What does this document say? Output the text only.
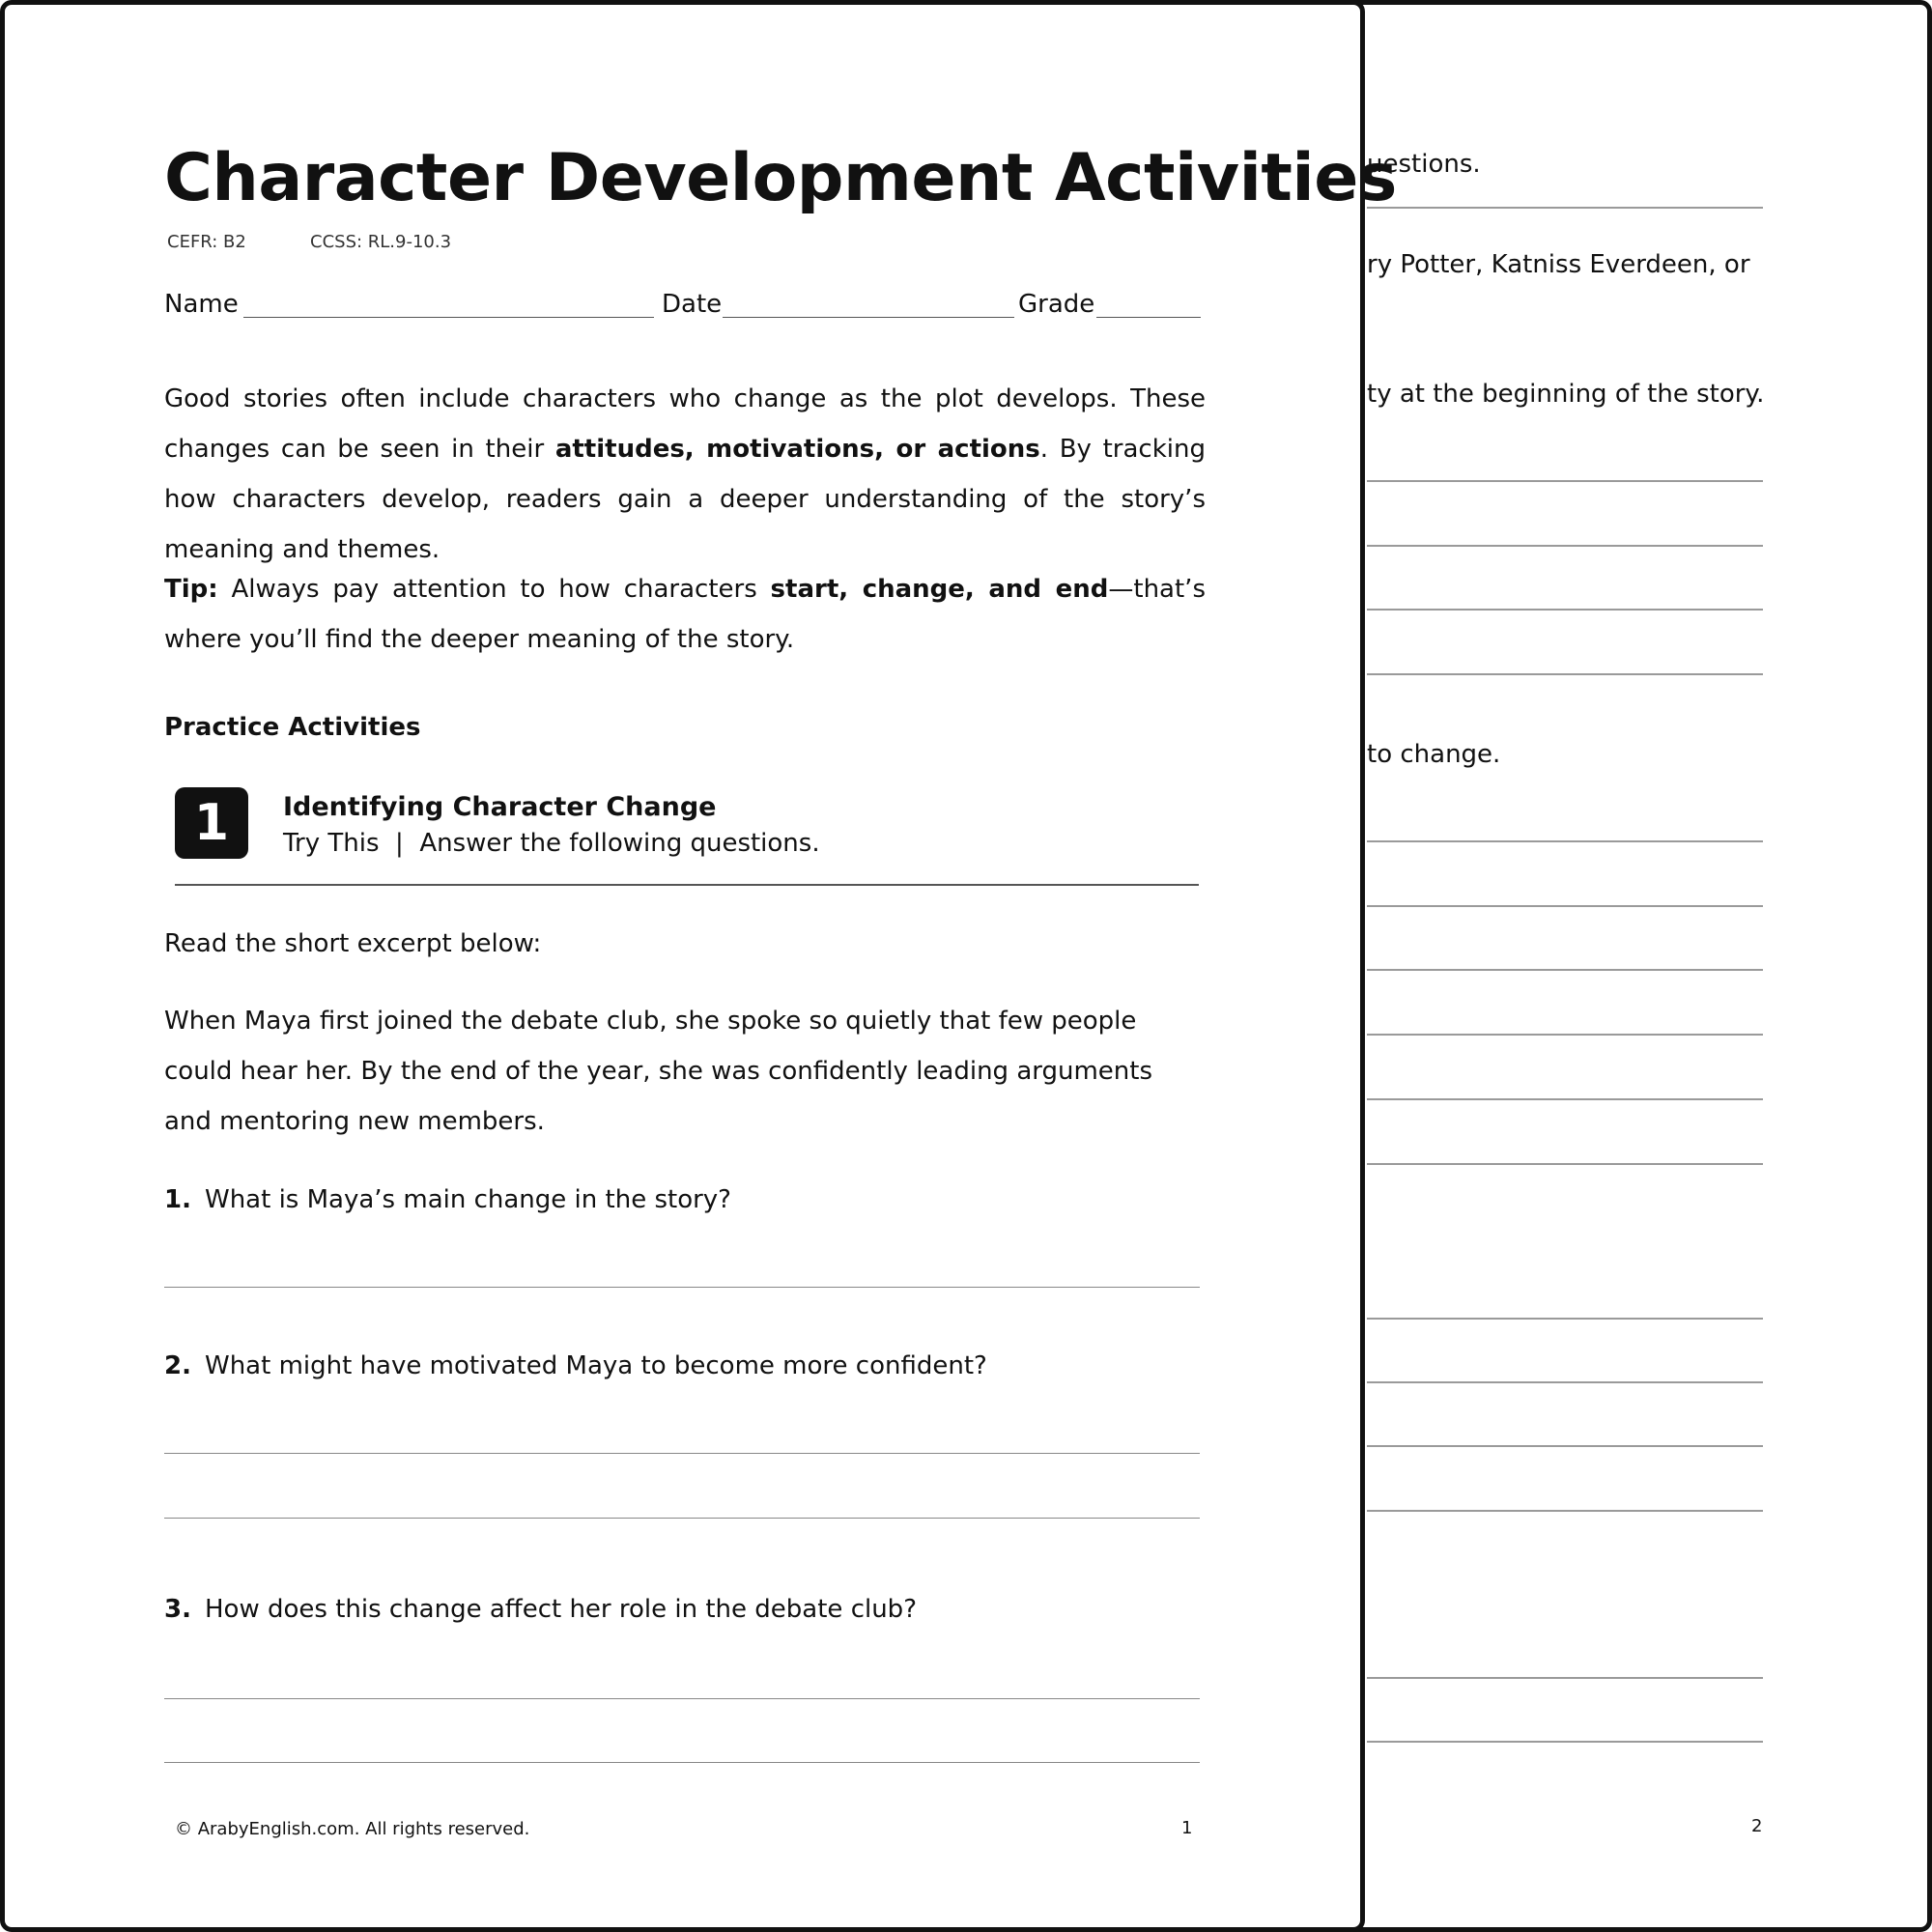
uestions.
ry Potter, Katniss Everdeen, or
ty at the beginning of the story.
to change.
2
Character Development Activities
CEFR: B2	CCSS: RL.9-10.3
Name	Date	Grade
Good stories often include characters who change as the plot develops. These changes can be seen in their attitudes, motivations, or actions. By tracking how characters develop, readers gain a deeper understanding of the story’s meaning and themes.
Tip: Always pay attention to how characters start, change, and end—that’s where you’ll find the deeper meaning of the story.
Practice Activities
1	Identifying Character Change
Try This  |  Answer the following questions.
Read the short excerpt below:
When Maya first joined the debate club, she spoke so quietly that few people could hear her. By the end of the year, she was confidently leading arguments and mentoring new members.
1. What is Maya’s main change in the story?
2. What might have motivated Maya to become more confident?
3. How does this change affect her role in the debate club?
© ArabyEnglish.com. All rights reserved.	1
